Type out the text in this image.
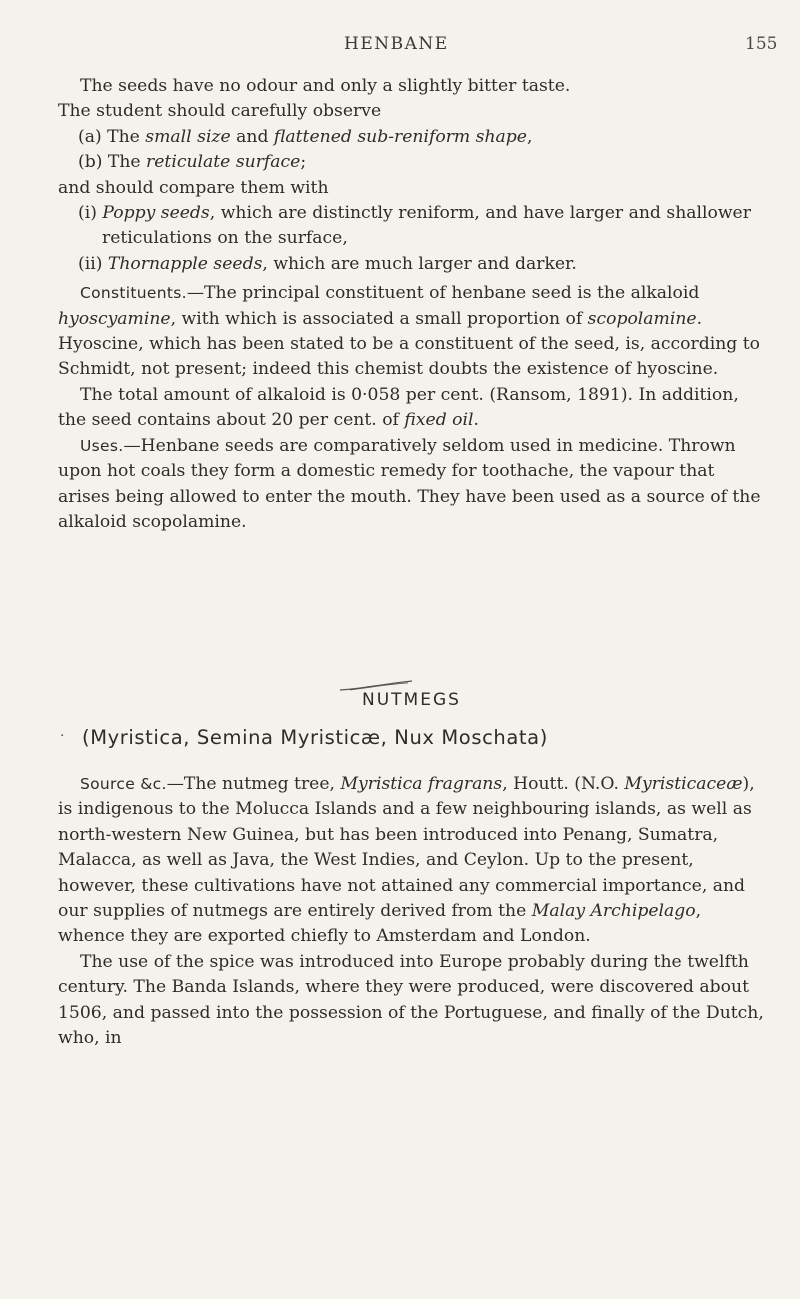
HENBANE	155

The seeds have no odour and only a slightly bitter taste.

The student should carefully observe

(a) The small size and flattened sub-reniform shape,

(b) The reticulate surface;

and should compare them with

(i) Poppy seeds, which are distinctly reniform, and have larger and shallower reticulations on the surface,

(ii) Thornapple seeds, which are much larger and darker.

Constituents.—The principal constituent of henbane seed is the alkaloid hyoscyamine, with which is associated a small proportion of scopolamine. Hyoscine, which has been stated to be a constituent of the seed, is, according to Schmidt, not present; indeed this chemist doubts the existence of hyoscine.

The total amount of alkaloid is 0·058 per cent. (Ransom, 1891). In addition, the seed contains about 20 per cent. of fixed oil.

Uses.—Henbane seeds are comparatively seldom used in medicine. Thrown upon hot coals they form a domestic remedy for toothache, the vapour that arises being allowed to enter the mouth. They have been used as a source of the alkaloid scopolamine.

NUTMEGS
· (Myristica, Semina Myristicæ, Nux Moschata)

Source &c.—The nutmeg tree, Myristica fragrans, Houtt. (N.O. Myristicaceæ), is indigenous to the Molucca Islands and a few neighbouring islands, as well as north-western New Guinea, but has been introduced into Penang, Sumatra, Malacca, as well as Java, the West Indies, and Ceylon. Up to the present, however, these cultivations have not attained any commercial importance, and our supplies of nutmegs are entirely derived from the Malay Archipelago, whence they are exported chiefly to Amsterdam and London.

The use of the spice was introduced into Europe probably during the twelfth century. The Banda Islands, where they were produced, were discovered about 1506, and passed into the possession of the Portuguese, and finally of the Dutch, who, in
